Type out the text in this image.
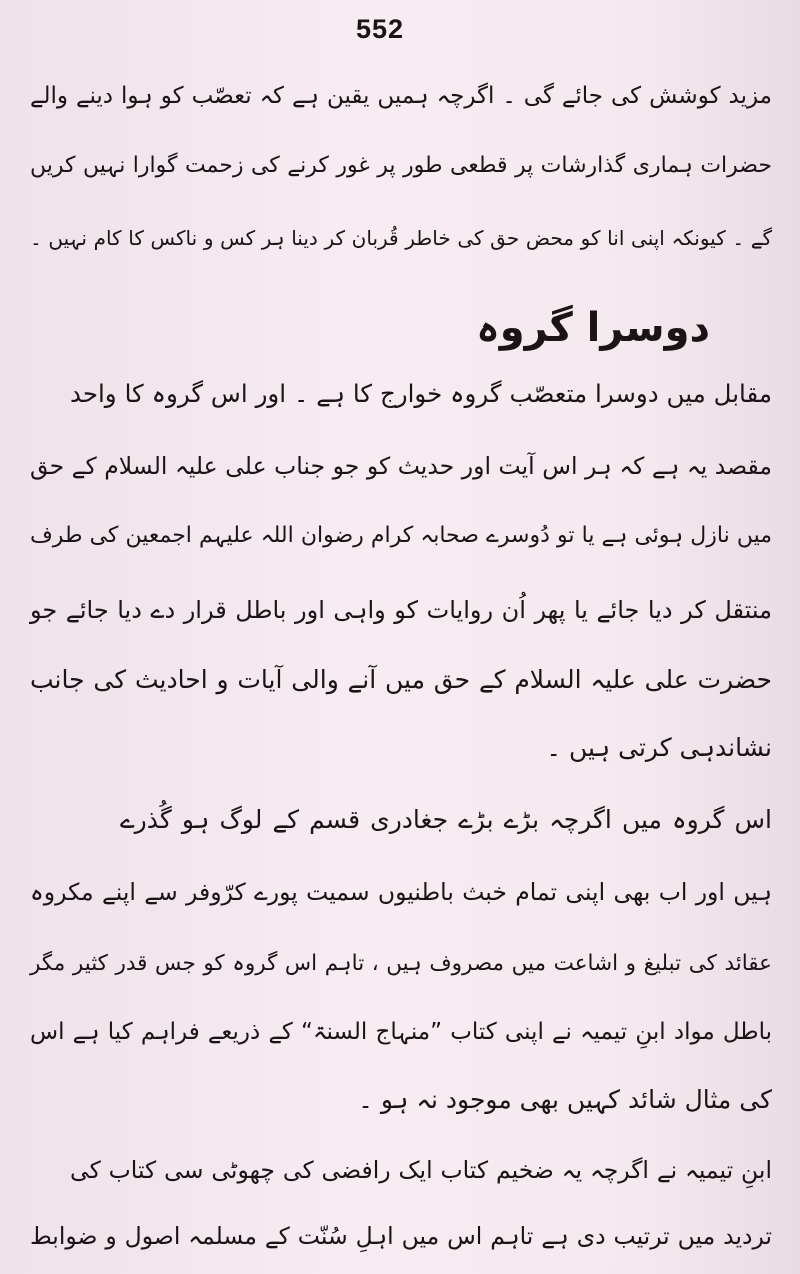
552
مزید کوشش کی جائے گی ۔ اگرچہ ہمیں یقین ہے کہ تعصّب کو ہوا دینے والے
حضرات ہماری گذارشات پر قطعی طور پر غور کرنے کی زحمت گوارا نہیں کریں
گے ۔ کیونکہ اپنی انا کو محض حق کی خاطر قُربان کر دینا ہر کس و ناکس کا کام نہیں ۔
دوسرا گروہ
مقابل میں دوسرا متعصّب گروہ خوارج کا ہے ۔ اور اس گروہ کا واحد
مقصد یہ ہے کہ ہر اس آیت اور حدیث کو جو جناب علی علیہ السلام کے حق
میں نازل ہوئی ہے یا تو دُوسرے صحابہ کرام رضوان اللہ علیہم اجمعین کی طرف
منتقل کر دیا جائے یا پھر اُن روایات کو واہی اور باطل قرار دے دیا جائے جو
حضرت علی علیہ السلام کے حق میں آنے والی آیات و احادیث کی جانب
نشاندہی کرتی ہیں ۔
اس گروہ میں اگرچہ بڑے بڑے جغادری قسم کے لوگ ہو گُذرے
ہیں اور اب بھی اپنی تمام خبث باطنیوں سمیت پورے کرّوفر سے اپنے مکروہ
عقائد کی تبلیغ و اشاعت میں مصروف ہیں ، تاہم اس گروہ کو جس قدر کثیر مگر
باطل مواد ابنِ تیمیہ نے اپنی کتاب ”منہاج السنۃ“ کے ذریعے فراہم کیا ہے اس
کی مثال شائد کہیں بھی موجود نہ ہو ۔
ابنِ تیمیہ نے اگرچہ یہ ضخیم کتاب ایک رافضی کی چھوٹی سی کتاب کی
تردید میں ترتیب دی ہے تاہم اس میں اہلِ سُنّت کے مسلمہ اصول و ضوابط
